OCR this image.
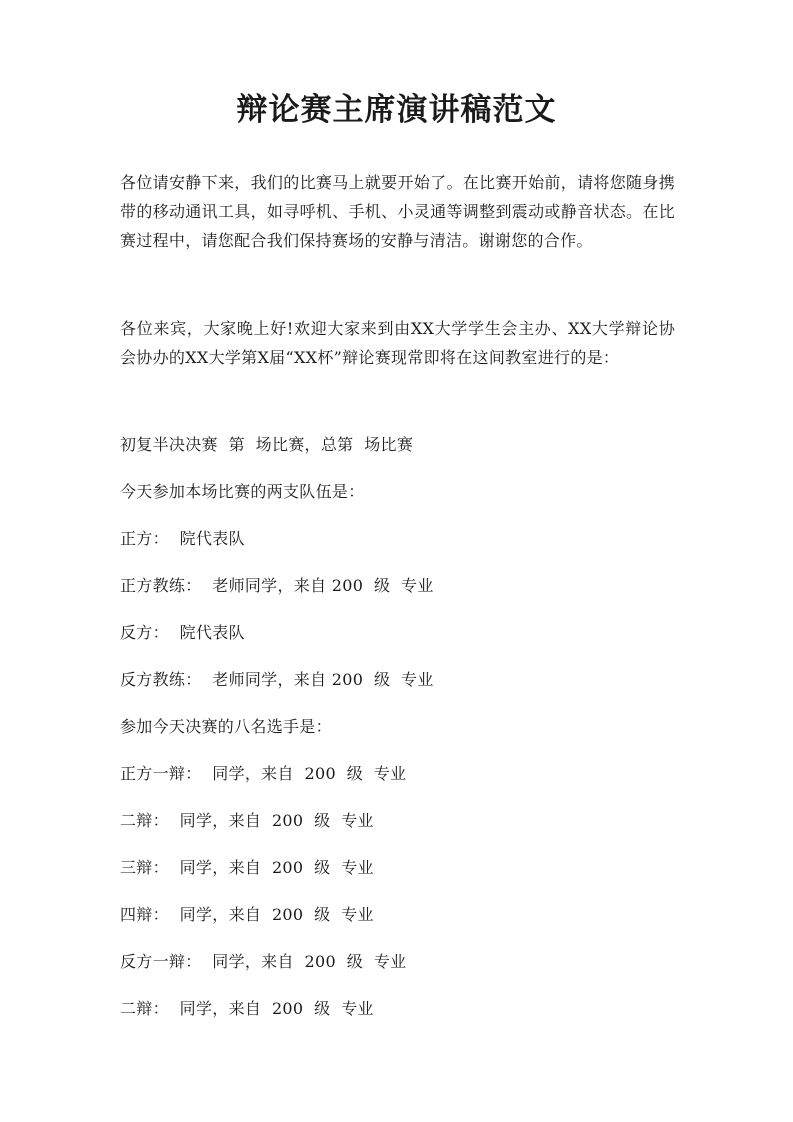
辩论赛主席演讲稿范文
各位请安静下来，我们的比赛马上就要开始了。在比赛开始前，请将您随身携带的移动通讯工具，如寻呼机、手机、小灵通等调整到震动或静音状态。在比赛过程中，请您配合我们保持赛场的安静与清洁。谢谢您的合作。
各位来宾，大家晚上好!欢迎大家来到由XX大学学生会主办、XX大学辩论协会协办的XX大学第X届“XX杯”辩论赛现常即将在这间教室进行的是：
初复半决决赛  第  场比赛，总第  场比赛
今天参加本场比赛的两支队伍是：
正方：  院代表队
正方教练：  老师同学，来自 200  级  专业
反方：  院代表队
反方教练：  老师同学，来自 200  级  专业
参加今天决赛的八名选手是：
正方一辩：  同学，来自  200  级  专业
二辩：  同学，来自  200  级  专业
三辩：  同学，来自  200  级  专业
四辩：  同学，来自  200  级  专业
反方一辩：  同学，来自  200  级  专业
二辩：  同学，来自  200  级  专业
